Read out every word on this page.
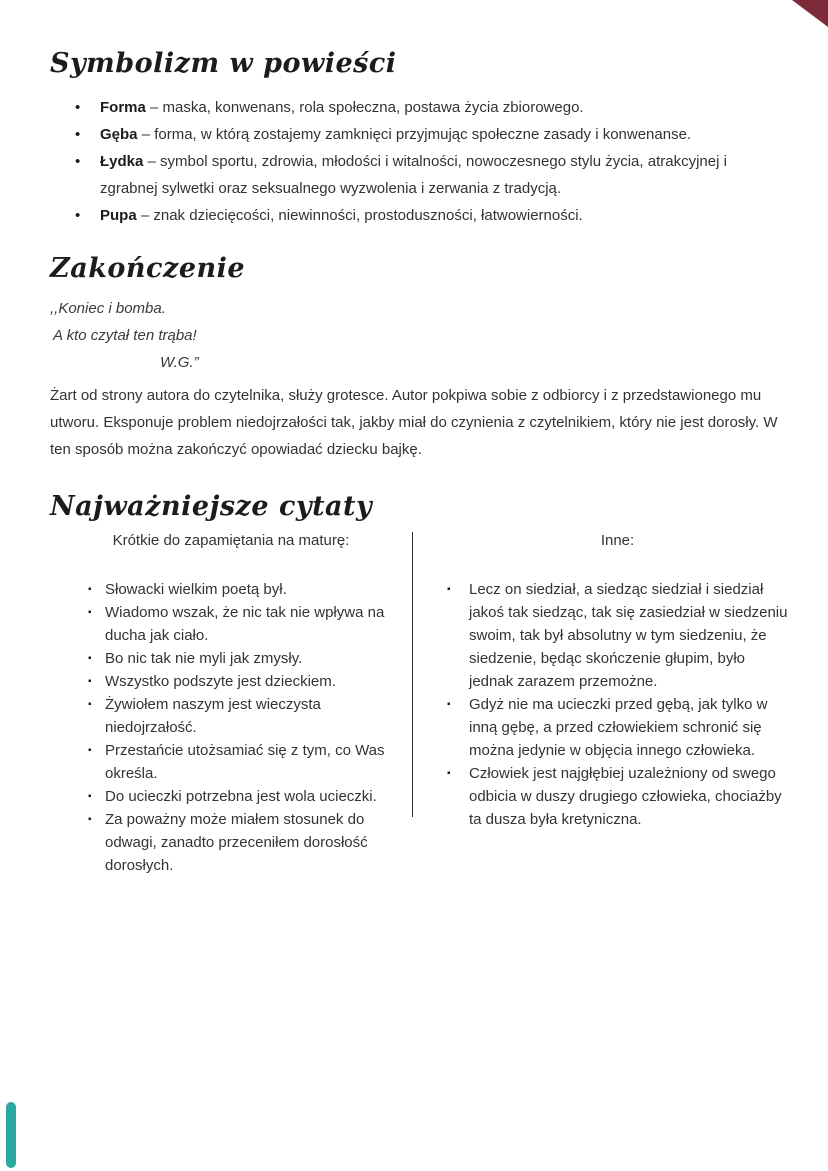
Symbolizm w powieści
•	Forma – maska, konwenans, rola społeczna, postawa życia zbiorowego.
•	Gęba – forma, w którą zostajemy zamknięci przyjmując społeczne zasady i konwenanse.
•	Łydka – symbol sportu, zdrowia, młodości i witalności, nowoczesnego stylu życia, atrakcyjnej i zgrabnej sylwetki oraz seksualnego wyzwolenia i zerwania z tradycją.
•	Pupa – znak dziecięcości, niewinności, prostoduszności, łatwowierności.
Zakończenie
,,Koniec i bomba.
A kto czytał ten trąba!
W.G.”
Żart od strony autora do czytelnika, służy grotesce. Autor pokpiwa sobie z odbiorcy i z przedstawionego mu utworu. Eksponuje problem niedojrzałości tak, jakby miał do czynienia z czytelnikiem, który nie jest dorosły. W ten sposób można zakończyć opowiadać dziecku bajkę.
Najważniejsze cytaty
Krótkie do zapamiętania na maturę:
▪ Słowacki wielkim poetą był.
▪ Wiadomo wszak, że nic tak nie wpływa na ducha jak ciało.
▪ Bo nic tak nie myli jak zmysły.
▪ Wszystko podszyte jest dzieckiem.
▪ Żywiołem naszym jest wieczysta niedojrzałość.
▪ Przestańcie utożsamiać się z tym, co Was określa.
▪ Do ucieczki potrzebna jest wola ucieczki.
▪ Za poważny może miałem stosunek do odwagi, zanadto przeceniłem dorosłość dorosłych.
Inne:
▪	Lecz on siedział, a siedząc siedział i siedział jakoś tak siedząc, tak się zasiedział w siedzeniu swoim, tak był absolutny w tym siedzeniu, że siedzenie, będąc skończenie głupim, było jednak zarazem przemożne.
▪	Gdyż nie ma ucieczki przed gębą, jak tylko w inną gębę, a przed człowiekiem schronić się można jedynie w objęcia innego człowieka.
▪	Człowiek jest najgłębiej uzależniony od swego odbicia w duszy drugiego człowieka, chociażby ta dusza była kretyniczna.
